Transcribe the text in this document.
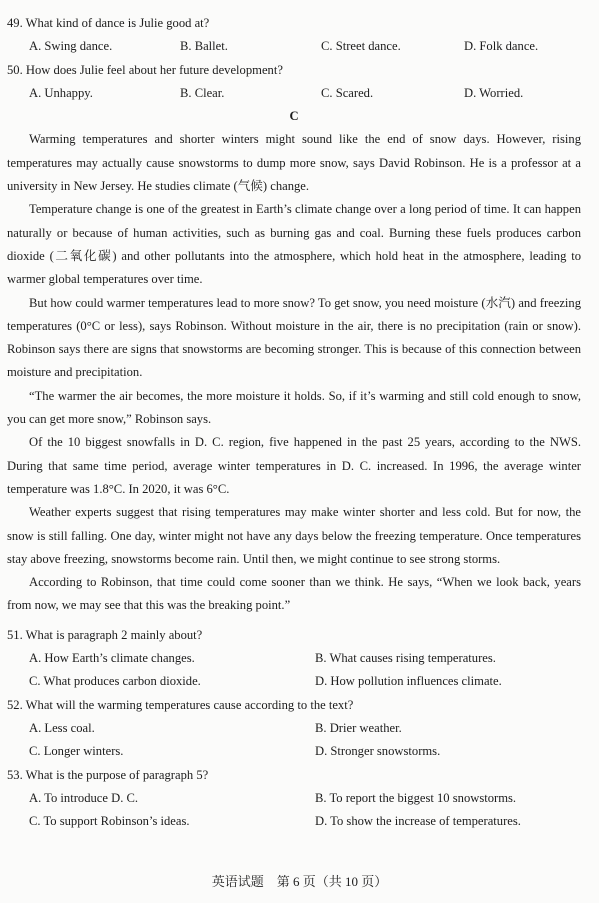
49. What kind of dance is Julie good at?

A. Swing dance.	B. Ballet.	C. Street dance.	D. Folk dance.

50. How does Julie feel about her future development?

A. Unhappy.	B. Clear.	C. Scared.	D. Worried.

C

Warming temperatures and shorter winters might sound like the end of snow days. However, rising temperatures may actually cause snowstorms to dump more snow, says David Robinson. He is a professor at a university in New Jersey. He studies climate (气候) change.

Temperature change is one of the greatest in Earth’s climate change over a long period of time. It can happen naturally or because of human activities, such as burning gas and coal. Burning these fuels produces carbon dioxide (二氧化碳) and other pollutants into the atmosphere, which hold heat in the atmosphere, leading to warmer global temperatures over time.

But how could warmer temperatures lead to more snow? To get snow, you need moisture (水汽) and freezing temperatures (0°C or less), says Robinson. Without moisture in the air, there is no precipitation (rain or snow). Robinson says there are signs that snowstorms are becoming stronger. This is because of this connection between moisture and precipitation.

“The warmer the air becomes, the more moisture it holds. So, if it’s warming and still cold enough to snow, you can get more snow,” Robinson says.

Of the 10 biggest snowfalls in D. C. region, five happened in the past 25 years, according to the NWS. During that same time period, average winter temperatures in D. C. increased. In 1996, the average winter temperature was 1.8°C. In 2020, it was 6°C.

Weather experts suggest that rising temperatures may make winter shorter and less cold. But for now, the snow is still falling. One day, winter might not have any days below the freezing temperature. Once temperatures stay above freezing, snowstorms become rain. Until then, we might continue to see strong storms.

According to Robinson, that time could come sooner than we think. He says, “When we look back, years from now, we may see that this was the breaking point.”

51. What is paragraph 2 mainly about?

A. How Earth’s climate changes.	B. What causes rising temperatures.
C. What produces carbon dioxide.	D. How pollution influences climate.

52. What will the warming temperatures cause according to the text?

A. Less coal.	B. Drier weather.
C. Longer winters.	D. Stronger snowstorms.

53. What is the purpose of paragraph 5?

A. To introduce D. C.	B. To report the biggest 10 snowstorms.
C. To support Robinson’s ideas.	D. To show the increase of temperatures.
英语试题　第 6 页（共 10 页）
